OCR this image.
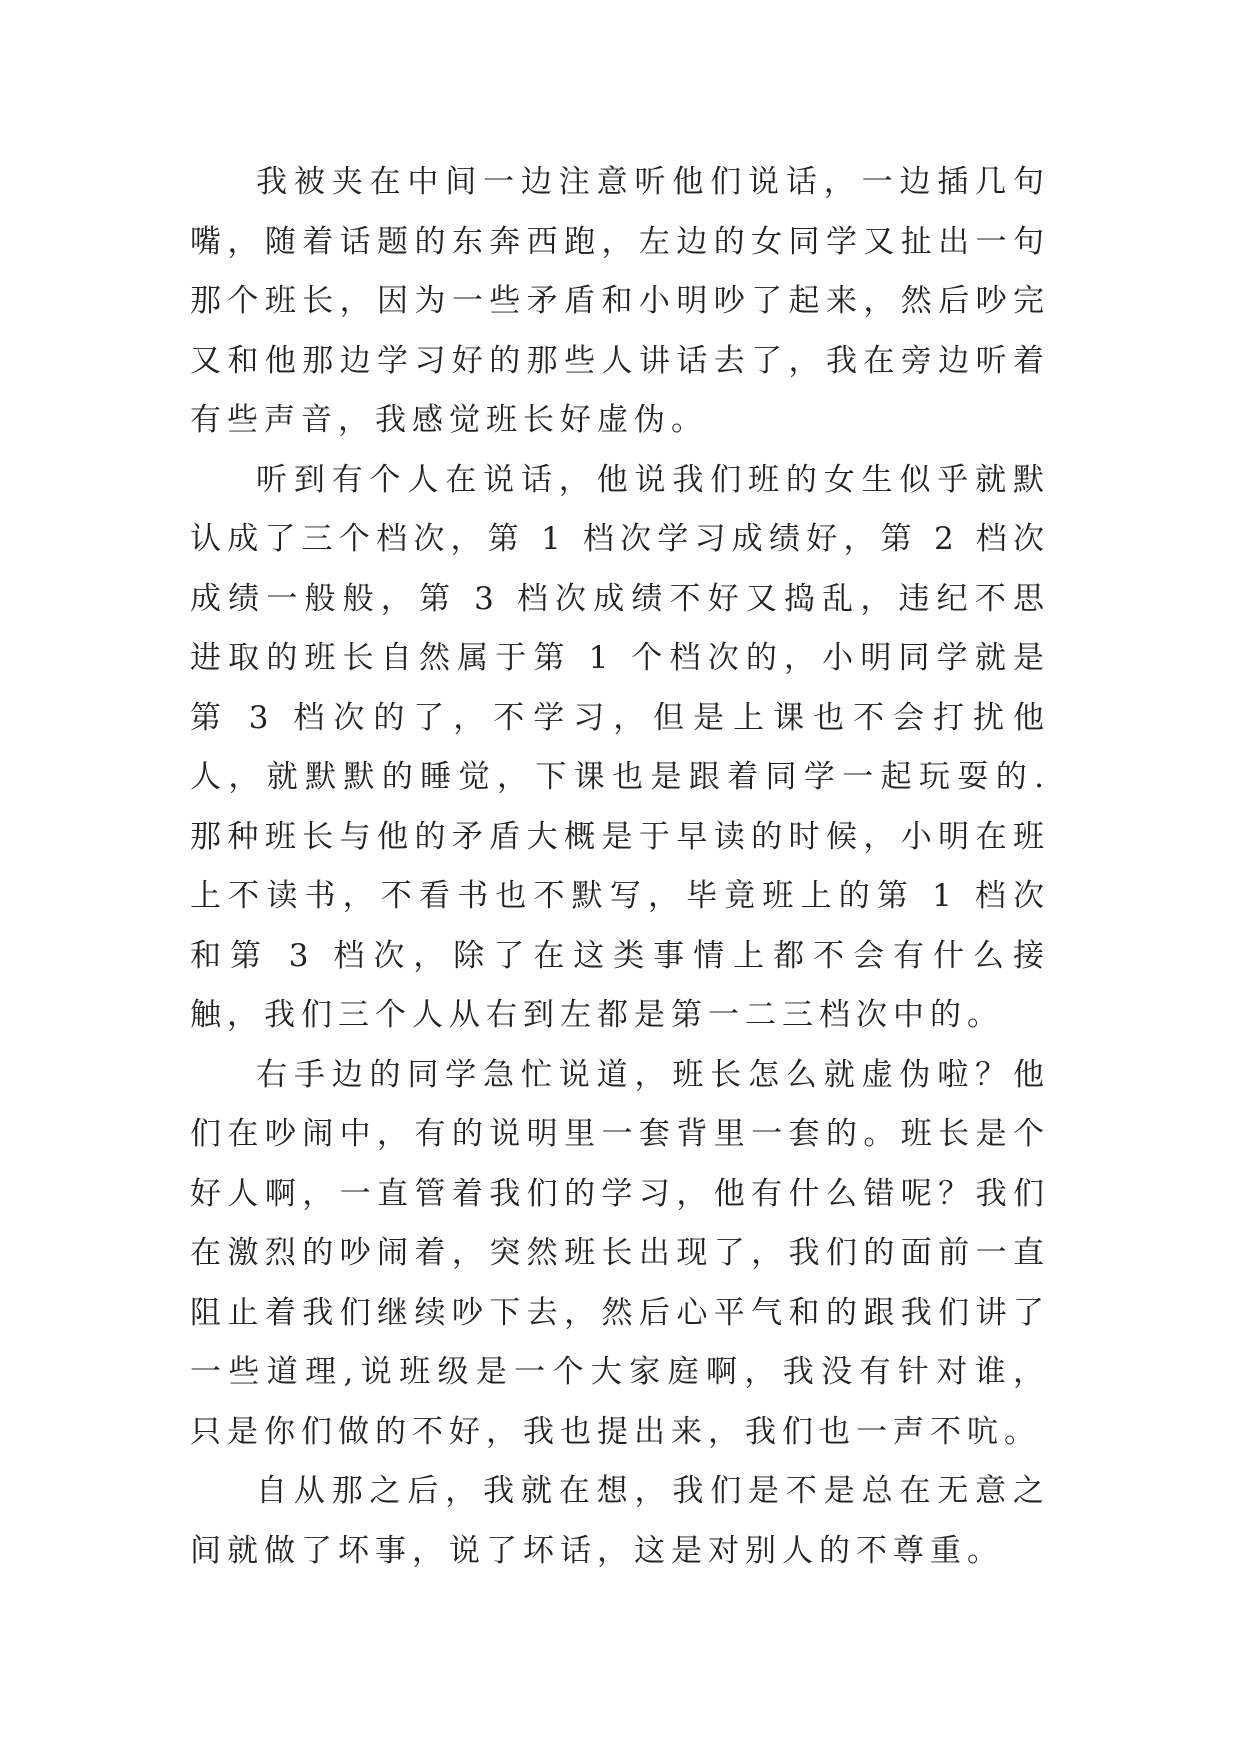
我被夹在中间一边注意听他们说话，一边插几句嘴，随着话题的东奔西跑，左边的女同学又扯出一句那个班长，因为一些矛盾和小明吵了起来，然后吵完又和他那边学习好的那些人讲话去了，我在旁边听着有些声音，我感觉班长好虚伪。

听到有个人在说话，他说我们班的女生似乎就默认成了三个档次，第 1 档次学习成绩好，第 2 档次成绩一般般，第 3 档次成绩不好又捣乱，违纪不思进取的班长自然属于第 1 个档次的，小明同学就是第 3 档次的了，不学习，但是上课也不会打扰他人，就默默的睡觉，下课也是跟着同学一起玩耍的.那种班长与他的矛盾大概是于早读的时候，小明在班上不读书，不看书也不默写，毕竟班上的第 1 档次和第 3 档次，除了在这类事情上都不会有什么接触，我们三个人从右到左都是第一二三档次中的。

右手边的同学急忙说道，班长怎么就虚伪啦？他们在吵闹中，有的说明里一套背里一套的。班长是个好人啊，一直管着我们的学习，他有什么错呢？我们在激烈的吵闹着，突然班长出现了，我们的面前一直阻止着我们继续吵下去，然后心平气和的跟我们讲了一些道理,说班级是一个大家庭啊，我没有针对谁，只是你们做的不好，我也提出来，我们也一声不吭。

自从那之后，我就在想，我们是不是总在无意之间就做了坏事，说了坏话，这是对别人的不尊重。
